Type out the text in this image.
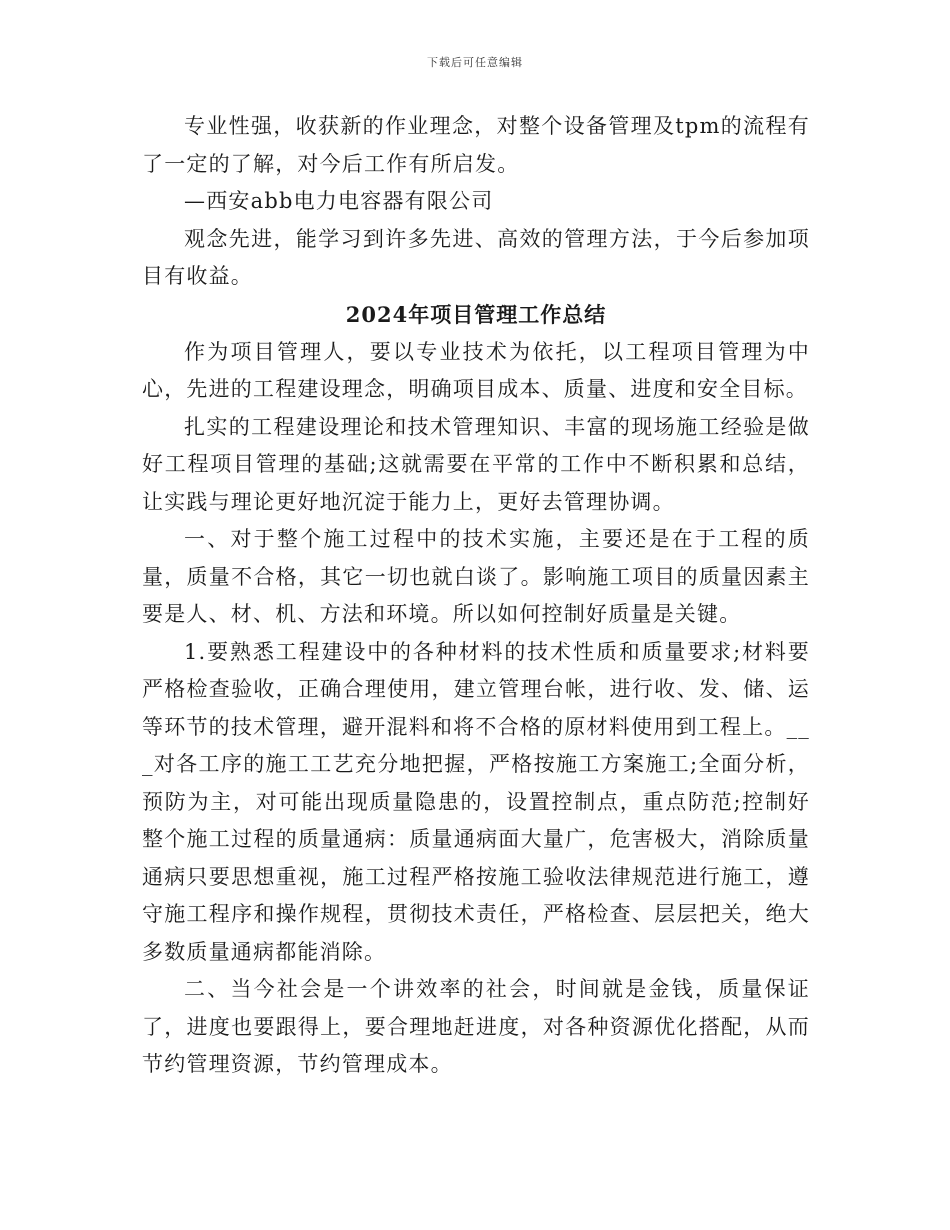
下载后可任意编辑

专业性强，收获新的作业理念，对整个设备管理及tpm的流程有了一定的了解，对今后工作有所启发。

—西安abb电力电容器有限公司

观念先进，能学习到许多先进、高效的管理方法，于今后参加项目有收益。

2024年项目管理工作总结

作为项目管理人，要以专业技术为依托，以工程项目管理为中心，先进的工程建设理念，明确项目成本、质量、进度和安全目标。

扎实的工程建设理论和技术管理知识、丰富的现场施工经验是做好工程项目管理的基础;这就需要在平常的工作中不断积累和总结，让实践与理论更好地沉淀于能力上，更好去管理协调。

一、对于整个施工过程中的技术实施，主要还是在于工程的质量，质量不合格，其它一切也就白谈了。影响施工项目的质量因素主要是人、材、机、方法和环境。所以如何控制好质量是关键。

1.要熟悉工程建设中的各种材料的技术性质和质量要求;材料要严格检查验收，正确合理使用，建立管理台帐，进行收、发、储、运等环节的技术管理，避开混料和将不合格的原材料使用到工程上。___对各工序的施工工艺充分地把握，严格按施工方案施工;全面分析，预防为主，对可能出现质量隐患的，设置控制点，重点防范;控制好整个施工过程的质量通病：质量通病面大量广，危害极大，消除质量通病只要思想重视，施工过程严格按施工验收法律规范进行施工，遵守施工程序和操作规程，贯彻技术责任，严格检查、层层把关，绝大多数质量通病都能消除。

二、当今社会是一个讲效率的社会，时间就是金钱，质量保证了，进度也要跟得上，要合理地赶进度，对各种资源优化搭配，从而节约管理资源，节约管理成本。
